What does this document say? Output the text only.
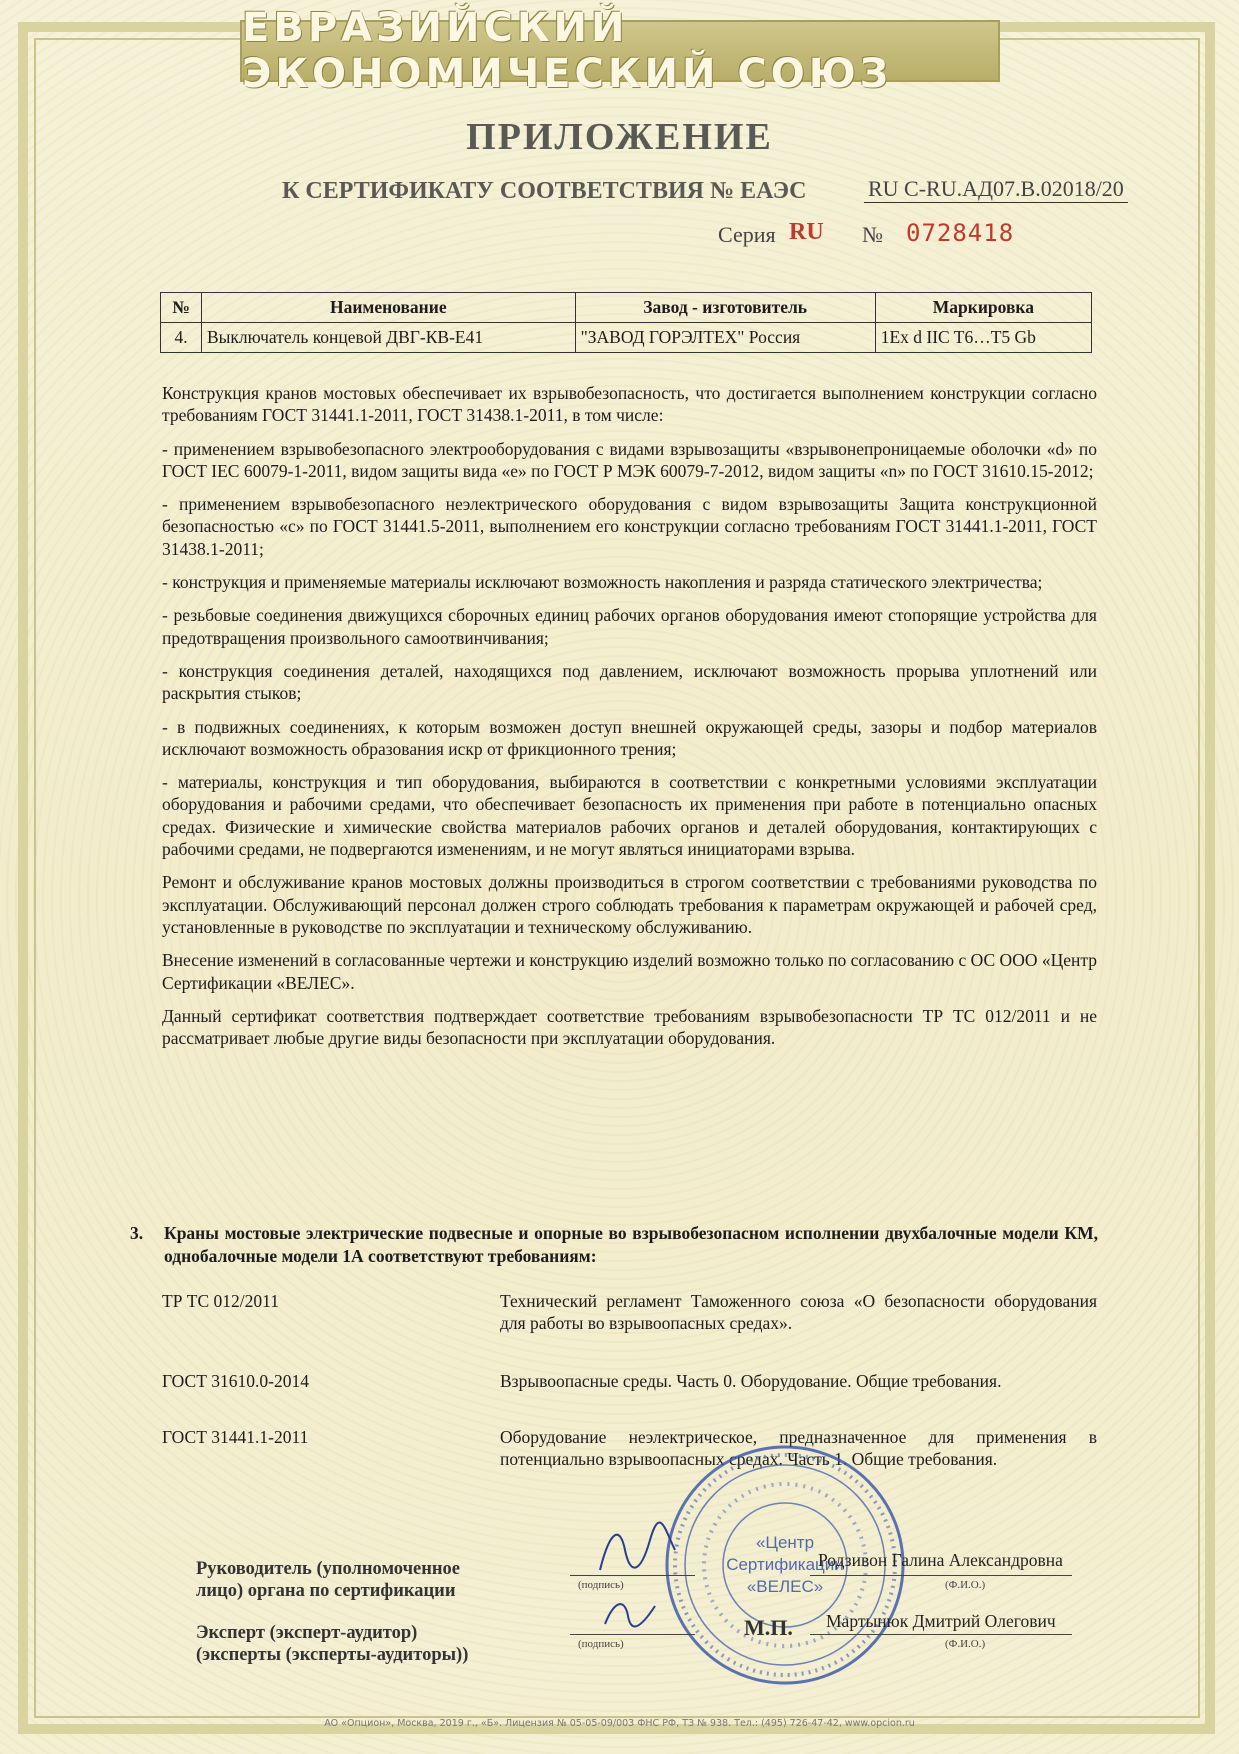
ЕВРАЗИЙСКИЙ ЭКОНОМИЧЕСКИЙ СОЮЗ
ПРИЛОЖЕНИЕ
К СЕРТИФИКАТУ СООТВЕТСТВИЯ № ЕАЭС	RU С-RU.АД07.В.02018/20
Серия RU № 0728418
№	Наименование	Завод - изготовитель	Маркировка
4.	Выключатель концевой ДВГ-КВ-Е41	"ЗАВОД ГОРЭЛТЕХ" Россия	1Ex d IIC T6…T5 Gb

Конструкция кранов мостовых обеспечивает их взрывобезопасность, что достигается выполнением конструкции согласно требованиям ГОСТ 31441.1-2011, ГОСТ 31438.1-2011, в том числе:

- применением взрывобезопасного электрооборудования с видами взрывозащиты «взрывонепроницаемые оболочки «d» по ГОСТ IEC 60079-1-2011, видом защиты вида «е» по ГОСТ Р МЭК 60079-7-2012, видом защиты «n» по ГОСТ 31610.15-2012;

- применением взрывобезопасного неэлектрического оборудования с видом взрывозащиты Защита конструкционной безопасностью «с» по ГОСТ 31441.5-2011, выполнением его конструкции согласно требованиям ГОСТ 31441.1-2011, ГОСТ 31438.1-2011;

- конструкция и применяемые материалы исключают возможность накопления и разряда статического электричества;

- резьбовые соединения движущихся сборочных единиц рабочих органов оборудования имеют стопорящие устройства для предотвращения произвольного самоотвинчивания;

- конструкция соединения деталей, находящихся под давлением, исключают возможность прорыва уплотнений или раскрытия стыков;

- в подвижных соединениях, к которым возможен доступ внешней окружающей среды, зазоры и подбор материалов исключают возможность образования искр от фрикционного трения;

- материалы, конструкция и тип оборудования, выбираются в соответствии с конкретными условиями эксплуатации оборудования и рабочими средами, что обеспечивает безопасность их применения при работе в потенциально опасных средах. Физические и химические свойства материалов рабочих органов и деталей оборудования, контактирующих с рабочими средами, не подвергаются изменениям, и не могут являться инициаторами взрыва.

Ремонт и обслуживание кранов мостовых должны производиться в строгом соответствии с требованиями руководства по эксплуатации. Обслуживающий персонал должен строго соблюдать требования к параметрам окружающей и рабочей сред, установленные в руководстве по эксплуатации и техническому обслуживанию.

Внесение изменений в согласованные чертежи и конструкцию изделий возможно только по согласованию с ОС ООО «Центр Сертификации «ВЕЛЕС».

Данный сертификат соответствия подтверждает соответствие требованиям взрывобезопасности ТР ТС 012/2011 и не рассматривает любые другие виды безопасности при эксплуатации оборудования.

3. Краны мостовые электрические подвесные и опорные во взрывобезопасном исполнении двухбалочные модели КМ, однобалочные модели 1А соответствуют требованиям:
ТР ТС 012/2011	Технический регламент Таможенного союза «О безопасности оборудования для работы во взрывоопасных средах».
ГОСТ 31610.0-2014	Взрывоопасные среды. Часть 0. Оборудование. Общие требования.
ГОСТ 31441.1-2011	Оборудование неэлектрическое, предназначенное для применения в потенциально взрывоопасных средах. Часть 1. Общие требования.
«Центр
Сертификации
«ВЕЛЕС»
Руководитель (уполномоченное
лицо) органа по сертификации
Эксперт (эксперт-аудитор)
(эксперты (эксперты-аудиторы))
(подпись)
(подпись)
М.П.
Родзивон Галина Александровна
(Ф.И.О.)
Мартынюк Дмитрий Олегович
(Ф.И.О.)
АО «Опцион», Москва, 2019 г., «Б». Лицензия № 05-05-09/003 ФНС РФ, ТЗ № 938. Тел.: (495) 726-47-42, www.opcion.ru
